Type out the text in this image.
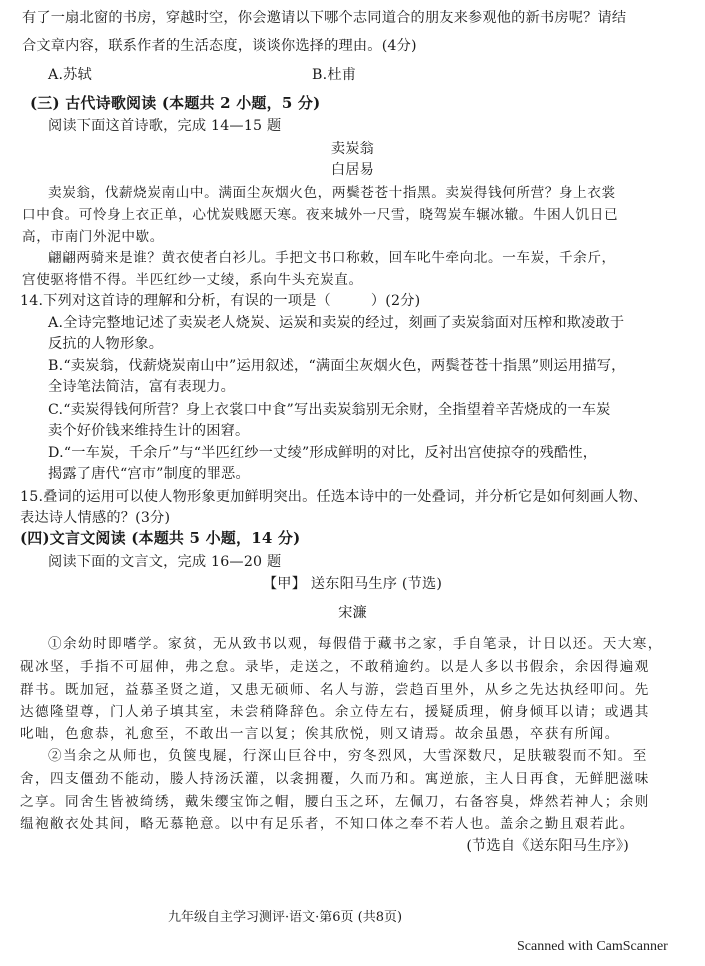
有了一扇北窗的书房，穿越时空，你会邀请以下哪个志同道合的朋友来参观他的新书房呢？请结
合文章内容，联系作者的生活态度，谈谈你选择的理由。(4分)
A.苏轼	B.杜甫
(三) 古代诗歌阅读 (本题共 2 小题，5 分)
阅读下面这首诗歌，完成 14—15 题
卖炭翁
白居易
卖炭翁，伐薪烧炭南山中。满面尘灰烟火色，两鬓苍苍十指黑。卖炭得钱何所营？身上衣裳
口中食。可怜身上衣正单，心忧炭贱愿天寒。夜来城外一尺雪，晓驾炭车辗冰辙。牛困人饥日已
高，市南门外泥中歇。
翩翩两骑来是谁？黄衣使者白衫儿。手把文书口称敕，回车叱牛牵向北。一车炭，千余斤，
宫使驱将惜不得。半匹红纱一丈绫，系向牛头充炭直。
14.下列对这首诗的理解和分析，有误的一项是（	）(2分)
A.全诗完整地记述了卖炭老人烧炭、运炭和卖炭的经过，刻画了卖炭翁面对压榨和欺凌敢于
反抗的人物形象。
B.“卖炭翁，伐薪烧炭南山中”运用叙述，“满面尘灰烟火色，两鬓苍苍十指黑”则运用描写，
全诗笔法简洁，富有表现力。
C.“卖炭得钱何所营？身上衣裳口中食”写出卖炭翁别无余财，全指望着辛苦烧成的一车炭
卖个好价钱来维持生计的困窘。
D.“一车炭，千余斤”与“半匹红纱一丈绫”形成鲜明的对比，反衬出宫使掠夺的残酷性，
揭露了唐代“宫市”制度的罪恶。
15.叠词的运用可以使人物形象更加鲜明突出。任选本诗中的一处叠词，并分析它是如何刻画人物、
表达诗人情感的？(3分)
(四)文言文阅读 (本题共 5 小题，14 分)
阅读下面的文言文，完成 16—20 题
【甲】 送东阳马生序 (节选)
宋濂
①余幼时即嗜学。家贫，无从致书以观，每假借于藏书之家，手自笔录，计日以还。天大寒，
砚冰坚，手指不可屈伸，弗之怠。录毕，走送之，不敢稍逾约。以是人多以书假余，余因得遍观
群书。既加冠，益慕圣贤之道，又患无硕师、名人与游，尝趋百里外，从乡之先达执经叩问。先
达德隆望尊，门人弟子填其室，未尝稍降辞色。余立侍左右，援疑质理，俯身倾耳以请；或遇其
叱咄，色愈恭，礼愈至，不敢出一言以复；俟其欣悦，则又请焉。故余虽愚，卒获有所闻。
②当余之从师也，负箧曳屣，行深山巨谷中，穷冬烈风，大雪深数尺，足肤皲裂而不知。至
舍，四支僵劲不能动，媵人持汤沃灌，以衾拥覆，久而乃和。寓逆旅，主人日再食，无鲜肥滋味
之享。同舍生皆被绮绣，戴朱缨宝饰之帽，腰白玉之环，左佩刀，右备容臭，烨然若神人；余则
缊袍敝衣处其间，略无慕艳意。以中有足乐者，不知口体之奉不若人也。盖余之勤且艰若此。
(节选自《送东阳马生序》)
九年级自主学习测评·语文·第6页 (共8页)
Scanned with CamScanner
